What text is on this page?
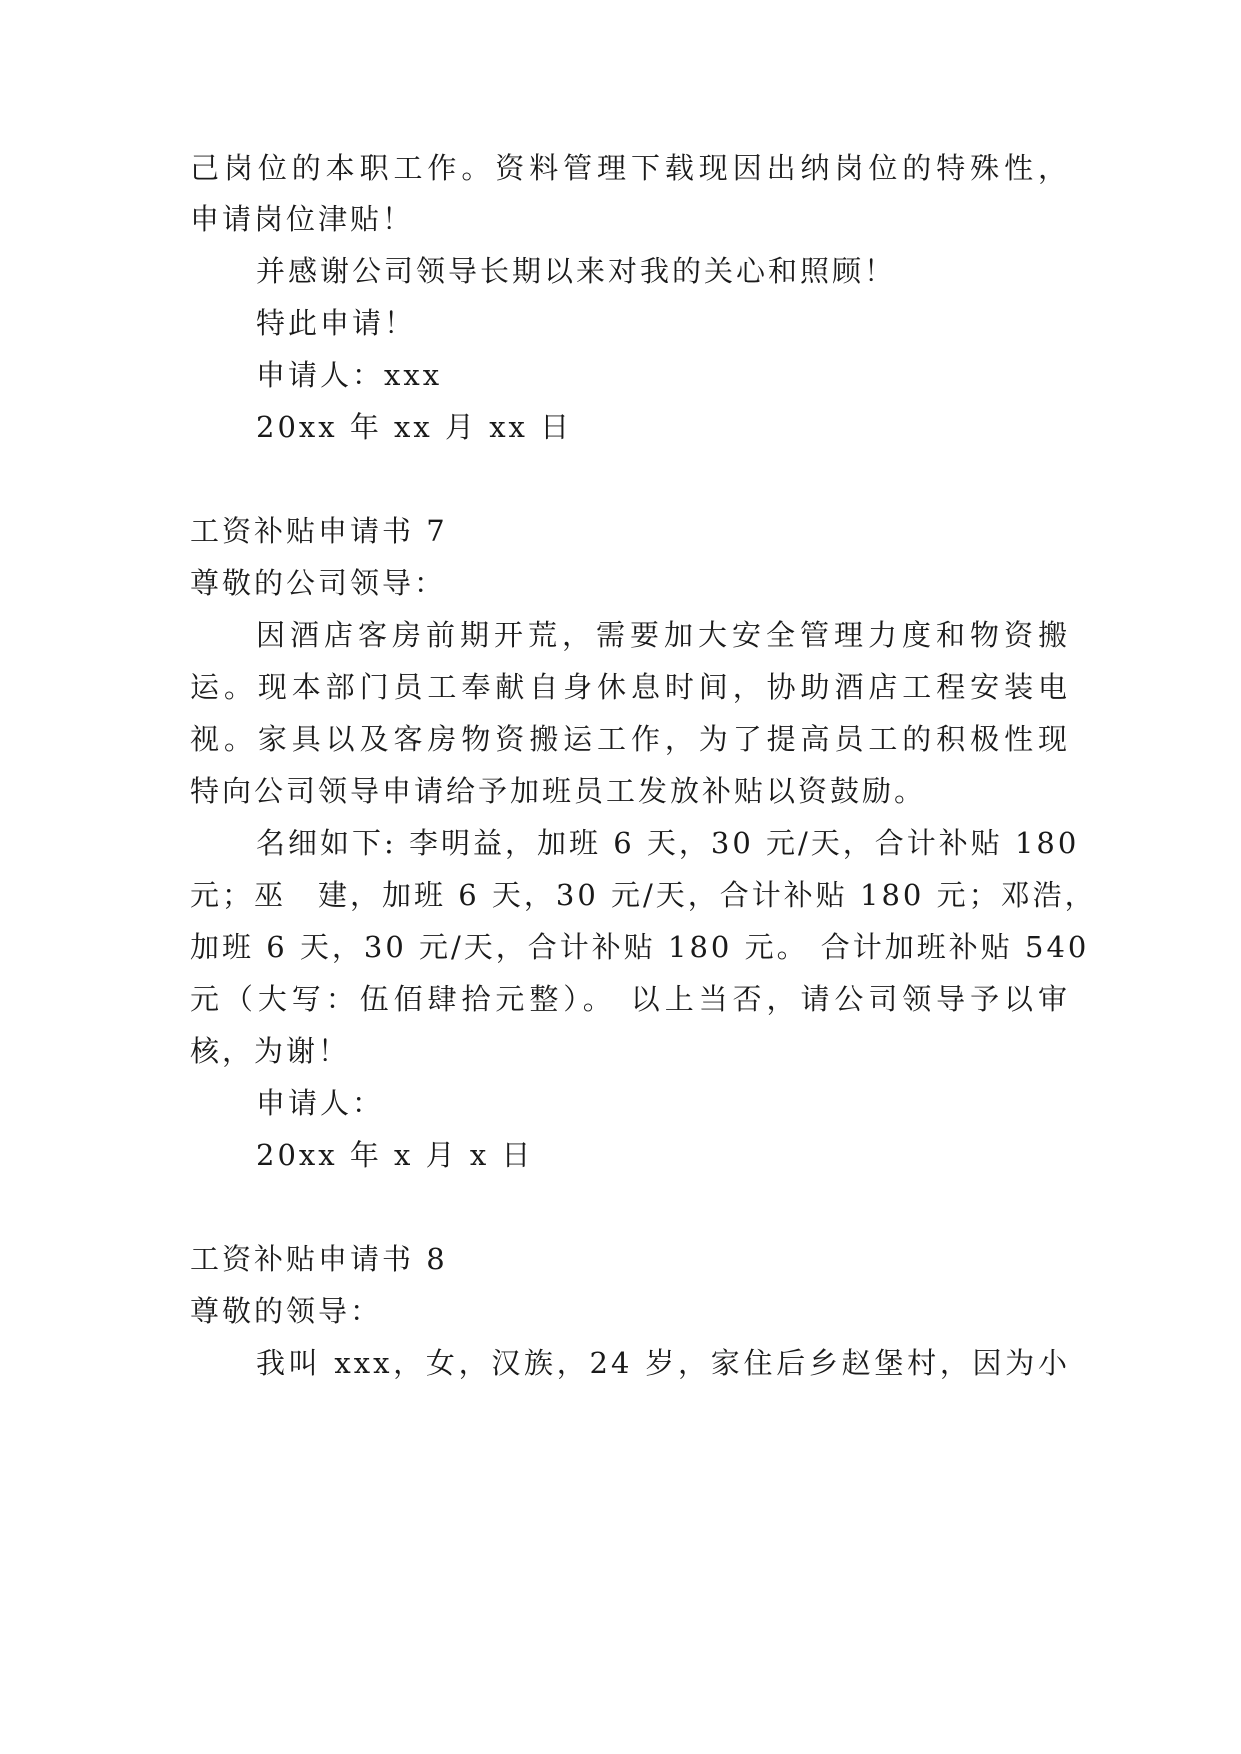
己岗位的本职工作。资料管理下载现因出纳岗位的特殊性，
申请岗位津贴！
并感谢公司领导长期以来对我的关心和照顾！
特此申请！
申请人：xxx
20xx 年 xx 月 xx 日
工资补贴申请书 7
尊敬的公司领导：
因酒店客房前期开荒，需要加大安全管理力度和物资搬
运。现本部门员工奉献自身休息时间，协助酒店工程安装电
视。家具以及客房物资搬运工作，为了提高员工的积极性现
特向公司领导申请给予加班员工发放补贴以资鼓励。
名细如下: 李明益，加班 6 天，30 元/天，合计补贴 180
元；巫　建，加班 6 天，30 元/天，合计补贴 180 元；邓浩，
加班 6 天，30 元/天，合计补贴 180 元。 合计加班补贴 540
元（大写：伍佰肆拾元整）。 以上当否，请公司领导予以审
核，为谢！
申请人：
20xx 年 x 月 x 日
工资补贴申请书 8
尊敬的领导：
我叫 xxx，女，汉族，24 岁，家住后乡赵堡村，因为小
